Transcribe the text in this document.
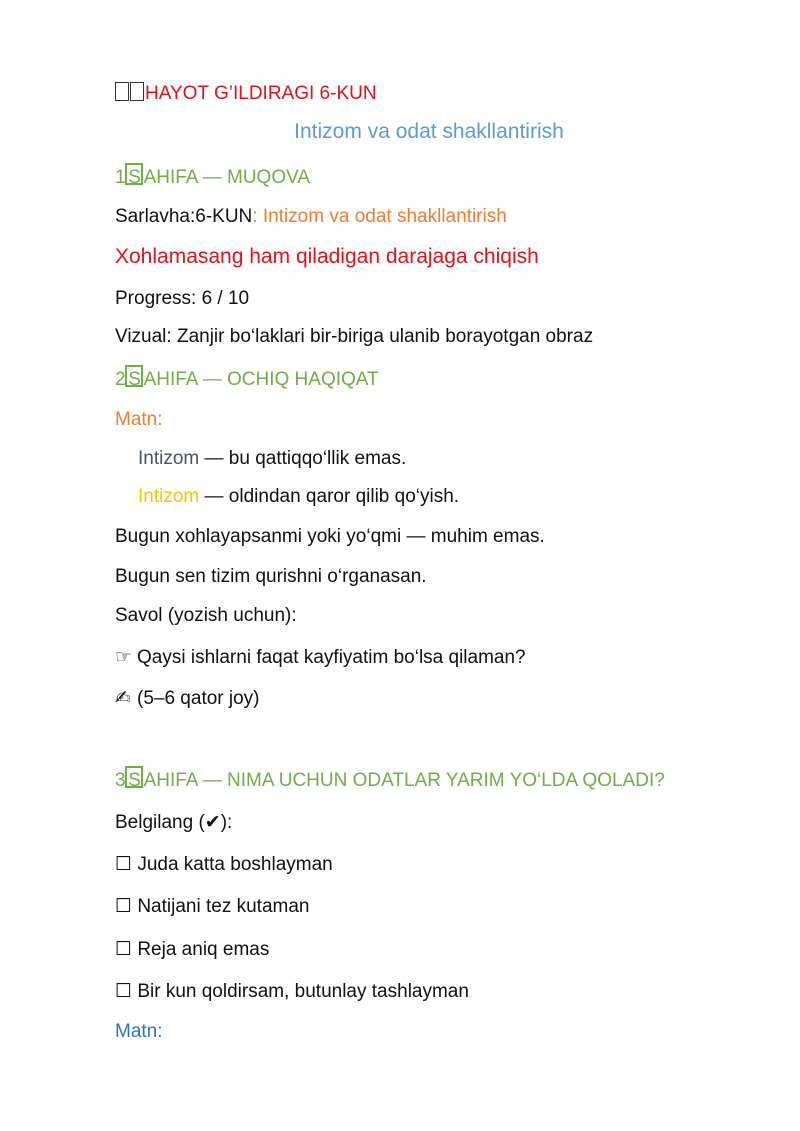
HAYOT G’ILDIRAGI 6-KUN
Intizom va odat shakllantirish
1 S AHIFA — MUQOVA
Sarlavha:6-KUN: Intizom va odat shakllantirish
Xohlamasang ham qiladigan darajaga chiqish
Progress: 6 / 10
Vizual: Zanjir bo‘laklari bir-biriga ulanib borayotgan obraz
2 S AHIFA — OCHIQ HAQIQAT
Matn:
Intizom — bu qattiqqo‘llik emas.
Intizom — oldindan qaror qilib qo‘yish.
Bugun xohlayapsanmi yoki yo‘qmi — muhim emas.
Bugun sen tizim qurishni o‘rganasan.
Savol (yozish uchun):
☞ Qaysi ishlarni faqat kayfiyatim bo‘lsa qilaman?
✍ (5–6 qator joy)
3 S AHIFA — NIMA UCHUN ODATLAR YARIM YO‘LDA QOLADI?
Belgilang (✔):
☐ Juda katta boshlayman
☐ Natijani tez kutaman
☐ Reja aniq emas
☐ Bir kun qoldirsam, butunlay tashlayman
Matn:
